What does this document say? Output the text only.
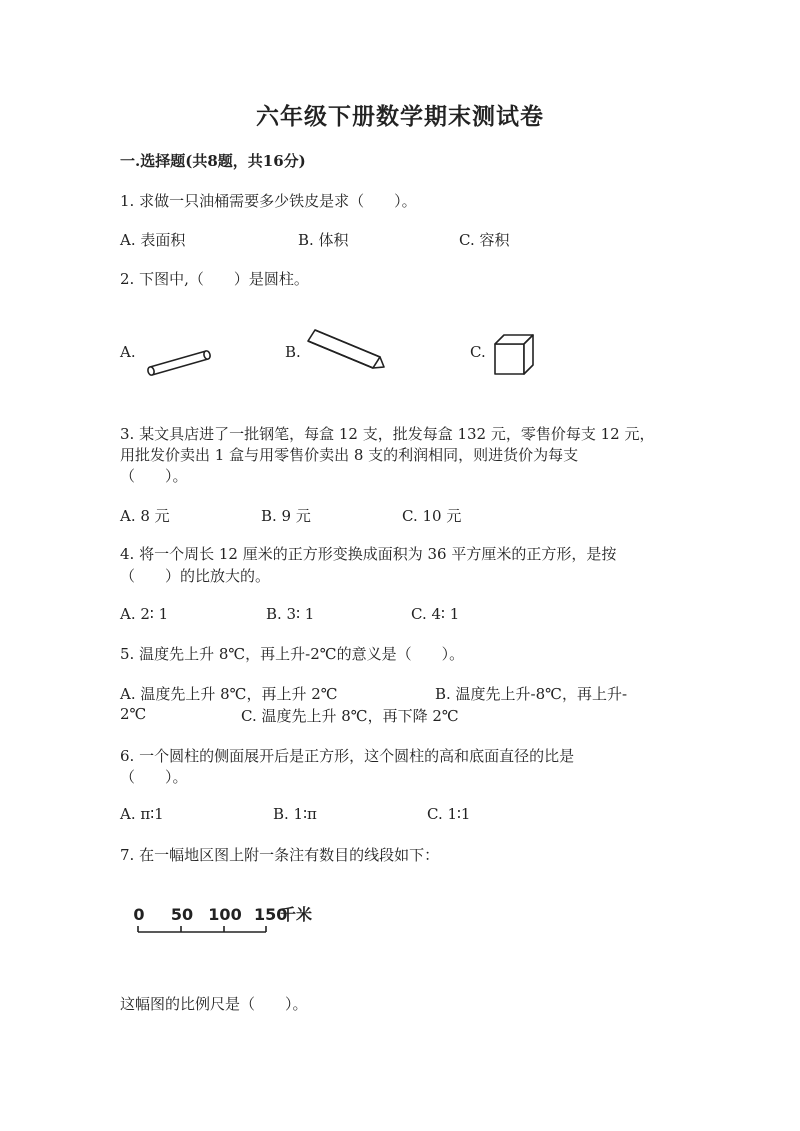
六年级下册数学期末测试卷
一.选择题(共8题，共16分)
1. 求做一只油桶需要多少铁皮是求（　　）。
A. 表面积	B. 体积	C. 容积
2. 下图中,（　　）是圆柱。
A.	B.	C.
3. 某文具店进了一批钢笔，每盒 12 支，批发每盒 132 元，零售价每支 12 元，
用批发价卖出 1 盒与用零售价卖出 8 支的利润相同，则进货价为每支
（　　）。
A. 8 元	B. 9 元	C. 10 元
4. 将一个周长 12 厘米的正方形变换成面积为 36 平方厘米的正方形，是按
（　　）的比放大的。
A. 2∶ 1	B. 3∶ 1	C. 4∶ 1
5. 温度先上升 8℃，再上升-2℃的意义是（　　）。
A. 温度先上升 8℃，再上升 2℃	B. 温度先上升-8℃，再上升-
2℃	C. 温度先上升 8℃，再下降 2℃
6. 一个圆柱的侧面展开后是正方形，这个圆柱的高和底面直径的比是
（　　）。
A. π∶1	B. 1∶π	C. 1∶1
7. 在一幅地区图上附一条注有数目的线段如下：
0 50 100 150
千米
这幅图的比例尺是（　　）。
